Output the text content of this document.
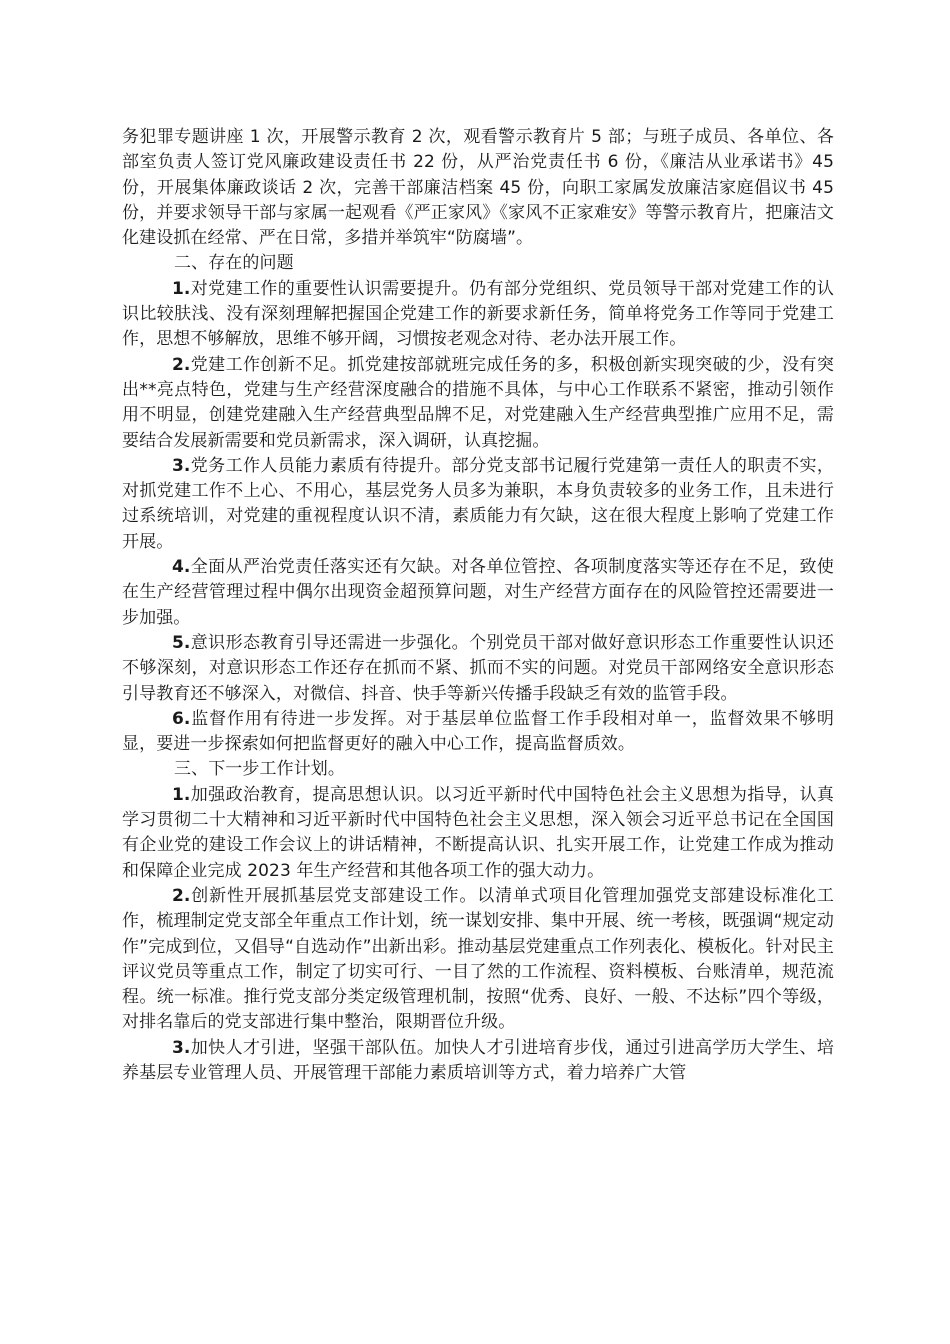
务犯罪专题讲座 1 次，开展警示教育 2 次，观看警示教育片 5 部；与班子成员、各单位、各部室负责人签订党风廉政建设责任书 22 份，从严治党责任书 6 份，《廉洁从业承诺书》45 份，开展集体廉政谈话 2 次，完善干部廉洁档案 45 份，向职工家属发放廉洁家庭倡议书 45 份，并要求领导干部与家属一起观看《严正家风》《家风不正家难安》等警示教育片，把廉洁文化建设抓在经常、严在日常，多措并举筑牢“防腐墙”。

二、存在的问题

1.对党建工作的重要性认识需要提升。仍有部分党组织、党员领导干部对党建工作的认识比较肤浅、没有深刻理解把握国企党建工作的新要求新任务，简单将党务工作等同于党建工作，思想不够解放，思维不够开阔，习惯按老观念对待、老办法开展工作。

2.党建工作创新不足。抓党建按部就班完成任务的多，积极创新实现突破的少，没有突出**亮点特色，党建与生产经营深度融合的措施不具体，与中心工作联系不紧密，推动引领作用不明显，创建党建融入生产经营典型品牌不足，对党建融入生产经营典型推广应用不足，需要结合发展新需要和党员新需求，深入调研，认真挖掘。

3.党务工作人员能力素质有待提升。部分党支部书记履行党建第一责任人的职责不实，对抓党建工作不上心、不用心，基层党务人员多为兼职，本身负责较多的业务工作，且未进行过系统培训，对党建的重视程度认识不清，素质能力有欠缺，这在很大程度上影响了党建工作开展。

4.全面从严治党责任落实还有欠缺。对各单位管控、各项制度落实等还存在不足，致使在生产经营管理过程中偶尔出现资金超预算问题，对生产经营方面存在的风险管控还需要进一步加强。

5.意识形态教育引导还需进一步强化。个别党员干部对做好意识形态工作重要性认识还不够深刻，对意识形态工作还存在抓而不紧、抓而不实的问题。对党员干部网络安全意识形态引导教育还不够深入，对微信、抖音、快手等新兴传播手段缺乏有效的监管手段。

6.监督作用有待进一步发挥。对于基层单位监督工作手段相对单一，监督效果不够明显，要进一步探索如何把监督更好的融入中心工作，提高监督质效。

三、下一步工作计划。

1.加强政治教育，提高思想认识。以习近平新时代中国特色社会主义思想为指导，认真学习贯彻二十大精神和习近平新时代中国特色社会主义思想，深入领会习近平总书记在全国国有企业党的建设工作会议上的讲话精神，不断提高认识、扎实开展工作，让党建工作成为推动和保障企业完成 2023 年生产经营和其他各项工作的强大动力。

2.创新性开展抓基层党支部建设工作。以清单式项目化管理加强党支部建设标准化工作，梳理制定党支部全年重点工作计划，统一谋划安排、集中开展、统一考核，既强调“规定动作”完成到位，又倡导“自选动作”出新出彩。推动基层党建重点工作列表化、模板化。针对民主评议党员等重点工作，制定了切实可行、一目了然的工作流程、资料模板、台账清单，规范流程。统一标准。推行党支部分类定级管理机制，按照“优秀、良好、一般、不达标”四个等级，对排名靠后的党支部进行集中整治，限期晋位升级。

3.加快人才引进，坚强干部队伍。加快人才引进培育步伐，通过引进高学历大学生、培养基层专业管理人员、开展管理干部能力素质培训等方式，着力培养广大管
